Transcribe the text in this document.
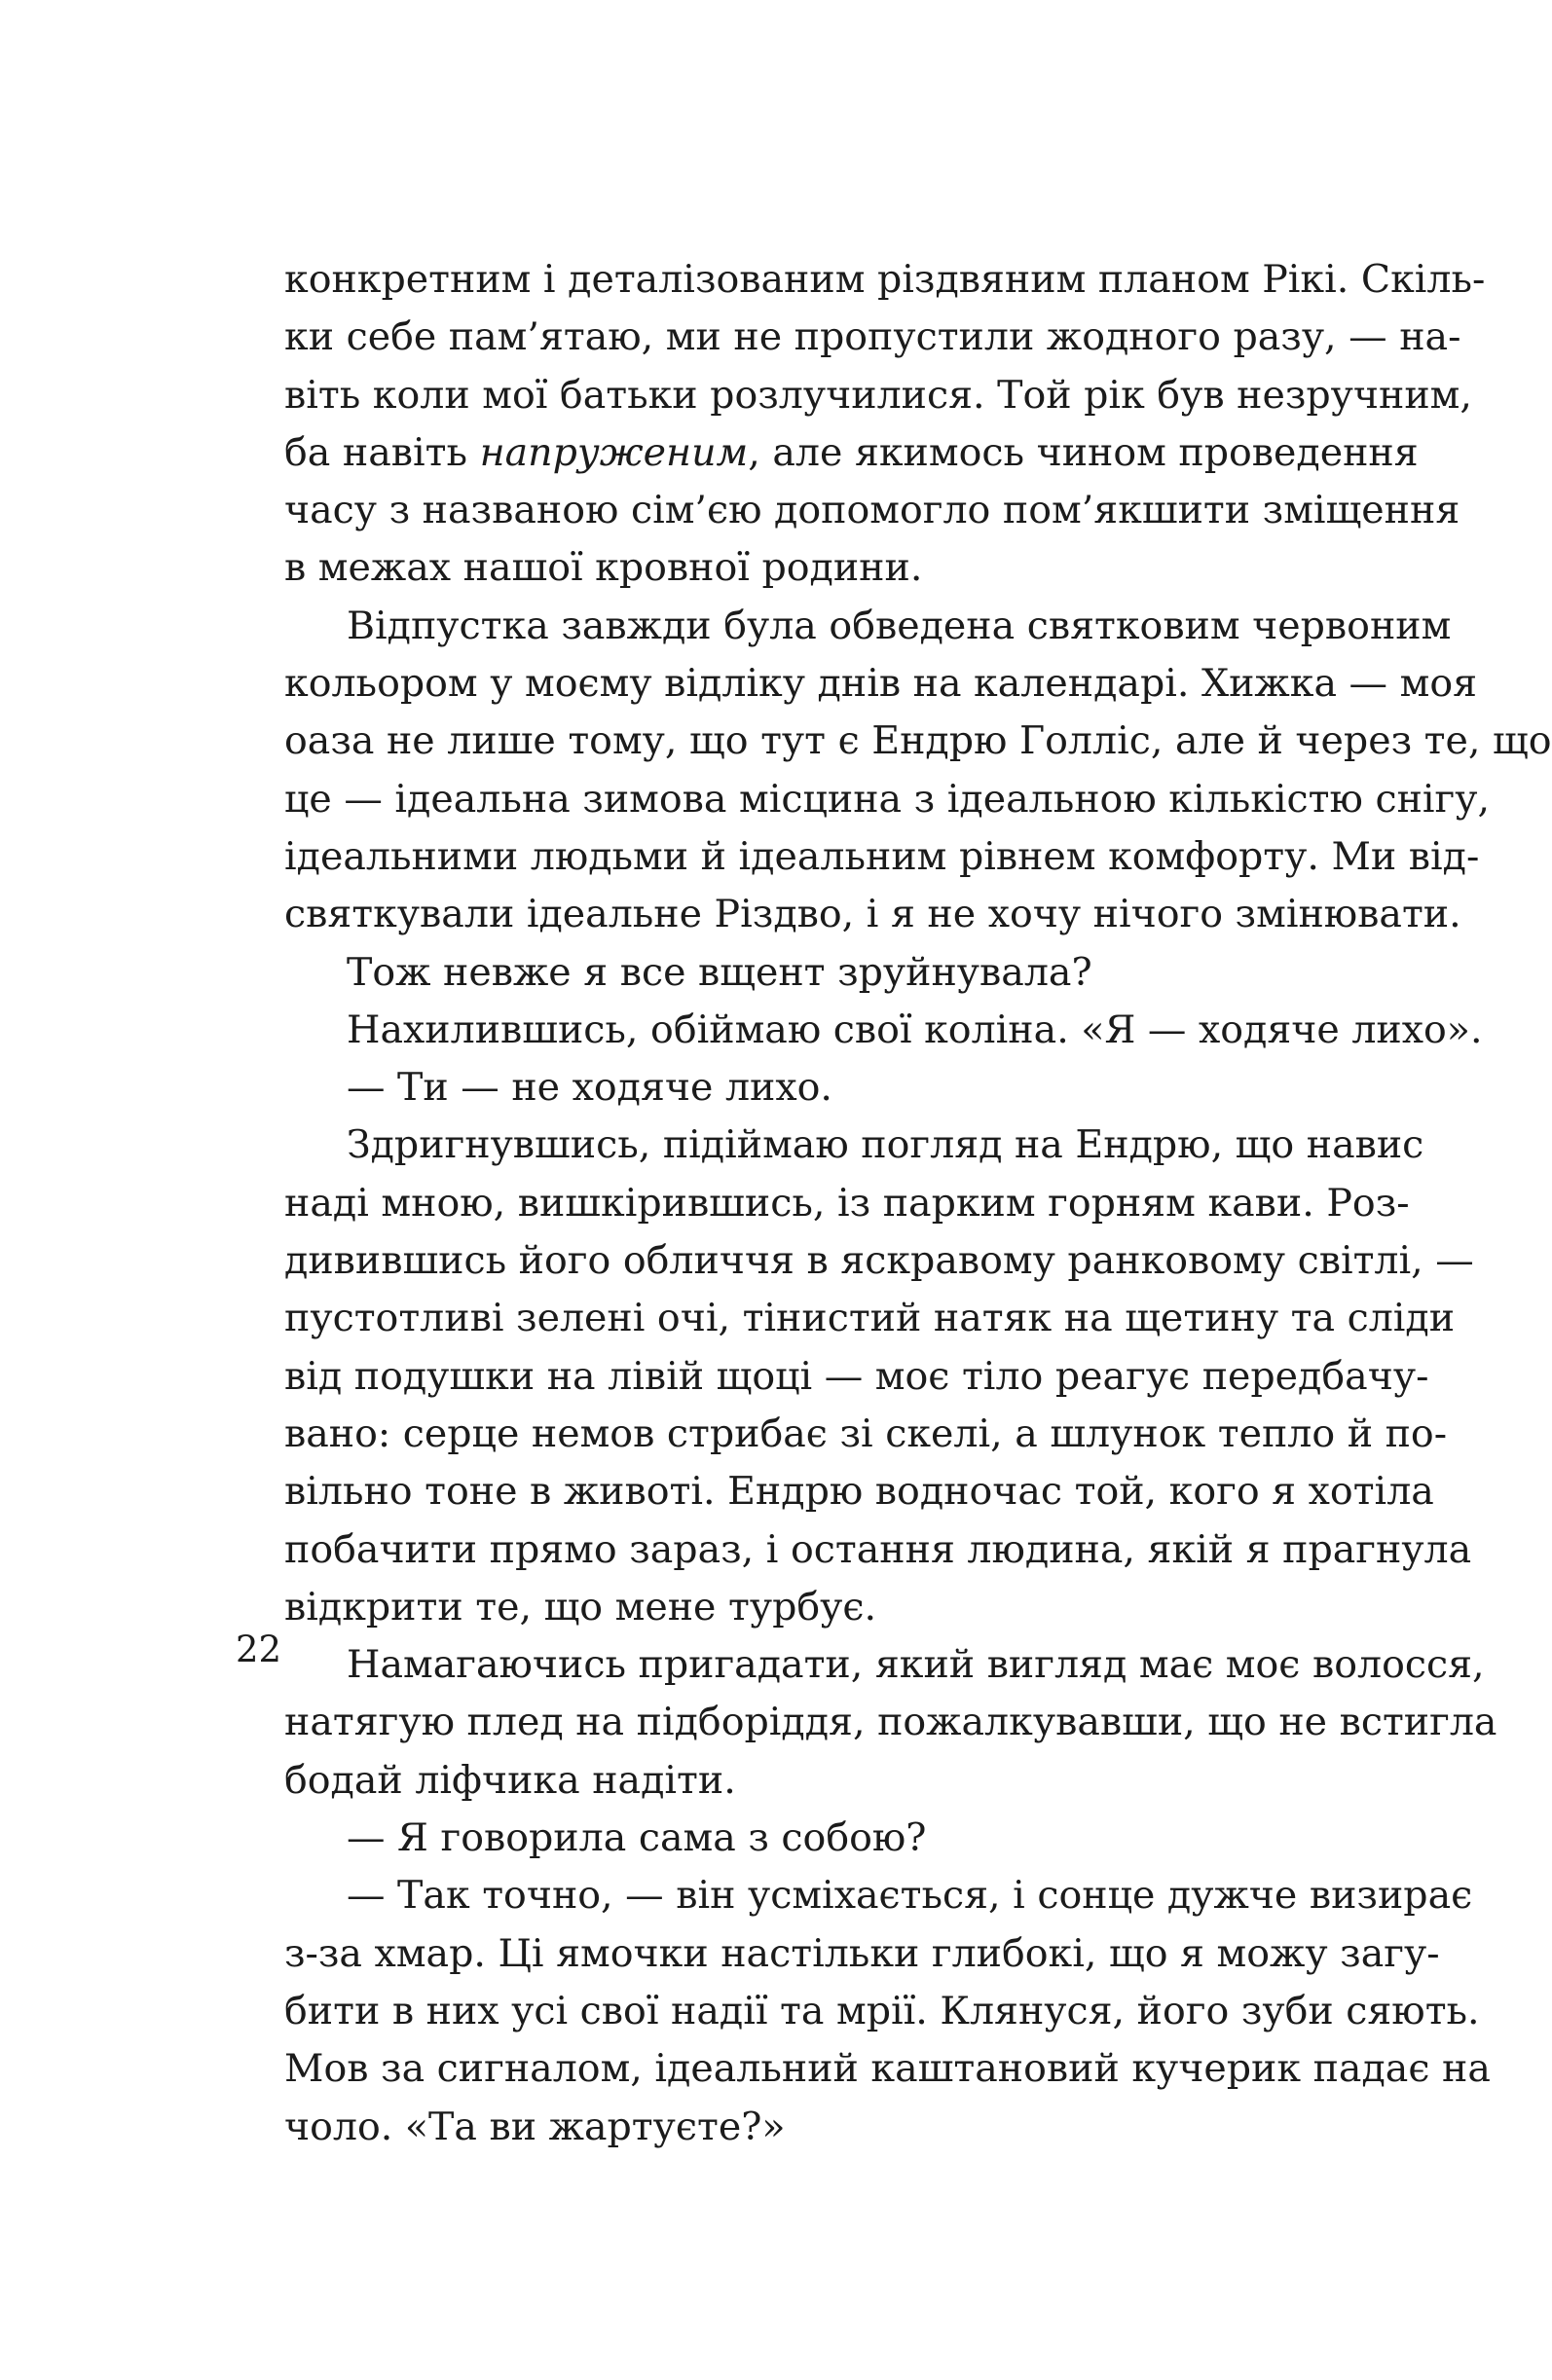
конкретним і деталізованим різдвяним планом Рікі. Скіль-
ки себе пам’ятаю, ми не пропустили жодного разу, — на-
віть коли мої батьки розлучилися. Той рік був незручним,
ба навіть напруженим, але якимось чином проведення
часу з названою сім’єю допомогло пом’якшити зміщення
в межах нашої кровної родини.
Відпустка завжди була обведена святковим червоним
кольором у моєму відліку днів на календарі. Хижка — моя
оаза не лише тому, що тут є Ендрю Голліс, але й через те, що
це — ідеальна зимова місцина з ідеальною кількістю снігу,
ідеальними людьми й ідеальним рівнем комфорту. Ми від-
святкували ідеальне Різдво, і я не хочу нічого змінювати.
Тож невже я все вщент зруйнувала?
Нахилившись, обіймаю свої коліна. «Я — ходяче лихо».
— Ти — не ходяче лихо.
Здригнувшись, підіймаю погляд на Ендрю, що навис
наді мною, вишкірившись, із парким горням кави. Роз-
дивившись його обличчя в яскравому ранковому світлі, —
пустотливі зелені очі, тінистий натяк на щетину та сліди
від подушки на лівій щоці — моє тіло реагує передбачу-
вано: серце немов стрибає зі скелі, а шлунок тепло й по-
вільно тоне в животі. Ендрю водночас той, кого я хотіла
побачити прямо зараз, і остання людина, якій я прагнула
відкрити те, що мене турбує.
Намагаючись пригадати, який вигляд має моє волосся,
натягую плед на підборіддя, пожалкувавши, що не встигла
бодай ліфчика надіти.
— Я говорила сама з собою?
— Так точно, — він усміхається, і сонце дужче визирає
з-за хмар. Ці ямочки настільки глибокі, що я можу загу-
бити в них усі свої надії та мрії. Клянуся, його зуби сяють.
Мов за сигналом, ідеальний каштановий кучерик падає на
чоло. «Та ви жартуєте?»
22
